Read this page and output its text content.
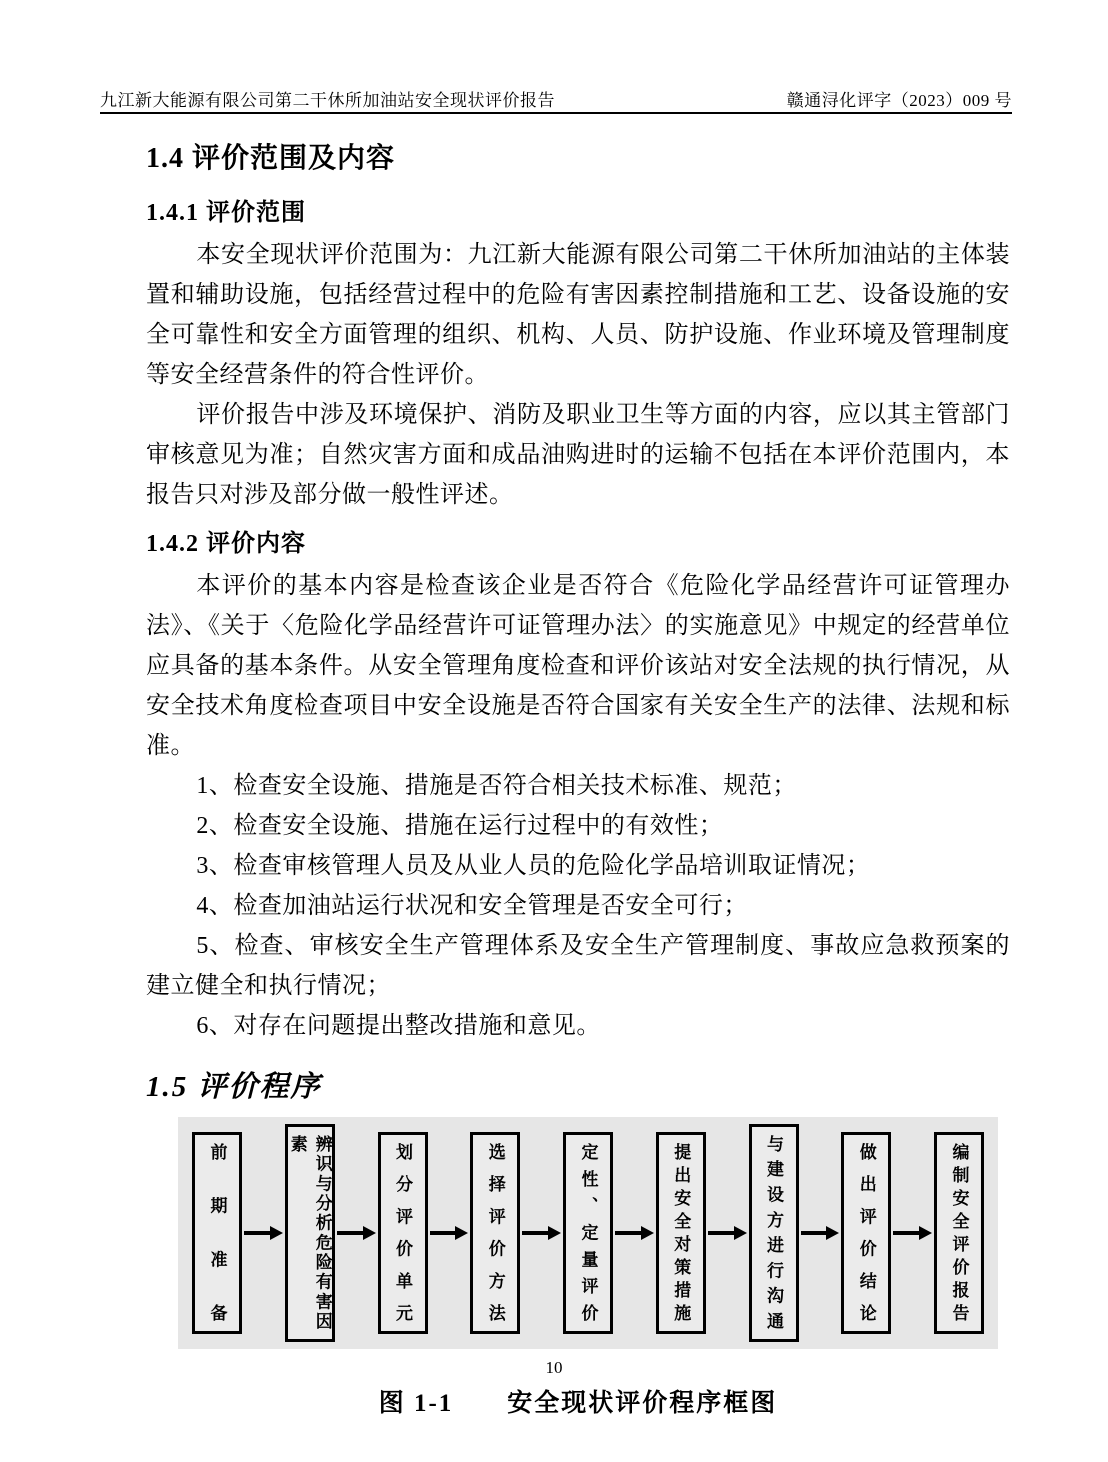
九江新大能源有限公司第二干休所加油站安全现状评价报告	赣通浔化评字（2023）009 号
1.4 评价范围及内容
1.4.1 评价范围

本安全现状评价范围为：九江新大能源有限公司第二干休所加油站的主体装置和辅助设施，包括经营过程中的危险有害因素控制措施和工艺、设备设施的安全可靠性和安全方面管理的组织、机构、人员、防护设施、作业环境及管理制度等安全经营条件的符合性评价。

评价报告中涉及环境保护、消防及职业卫生等方面的内容，应以其主管部门审核意见为准；自然灾害方面和成品油购进时的运输不包括在本评价范围内，本报告只对涉及部分做一般性评述。

1.4.2 评价内容

本评价的基本内容是检查该企业是否符合《危险化学品经营许可证管理办法》、《关于〈危险化学品经营许可证管理办法〉的实施意见》中规定的经营单位应具备的基本条件。从安全管理角度检查和评价该站对安全法规的执行情况，从安全技术角度检查项目中安全设施是否符合国家有关安全生产的法律、法规和标准。

1、检查安全设施、措施是否符合相关技术标准、规范；

2、检查安全设施、措施在运行过程中的有效性；

3、检查审核管理人员及从业人员的危险化学品培训取证情况；

4、检查加油站运行状况和安全管理是否安全可行；

5、检查、审核安全生产管理体系及安全生产管理制度、事故应急救预案的建立健全和执行情况；

6、对存在问题提出整改措施和意见。

1.5 评价程序
前期准备	辨识与分析危险有害因素	划分评价单元	选择评价方法	定性、定量评价	提出安全对策措施	与建设方进行沟通	做出评价结论	编制安全评价报告
图 1-1　　安全现状评价程序框图
10
